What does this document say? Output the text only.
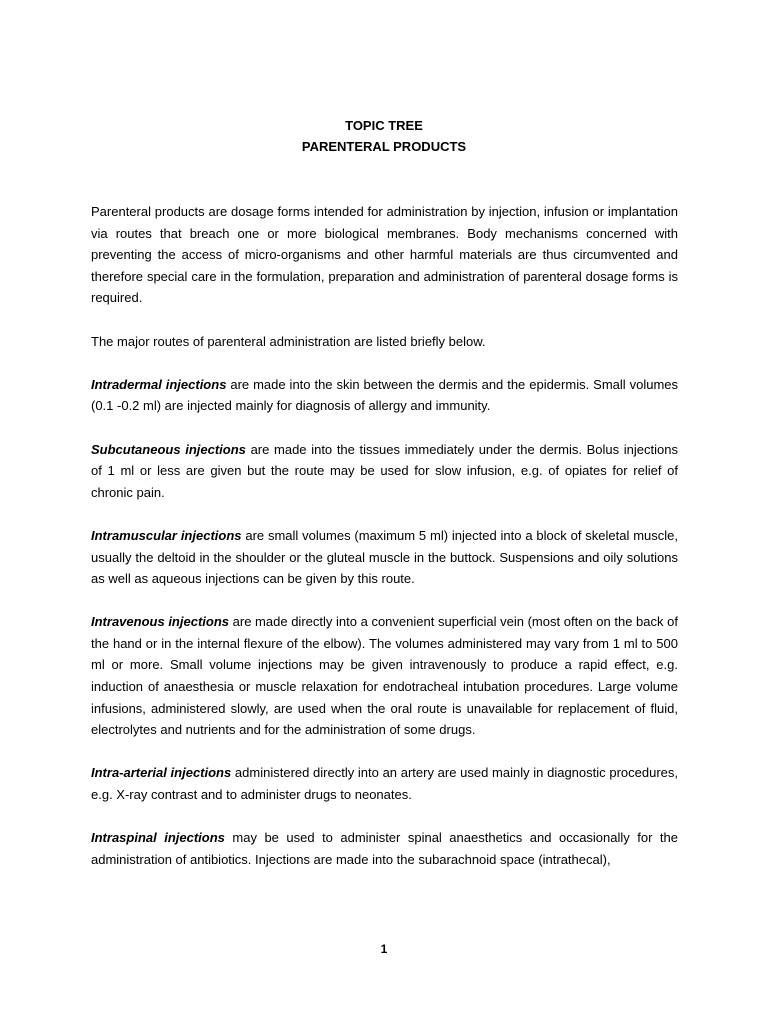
TOPIC TREE
PARENTERAL PRODUCTS

Parenteral products are dosage forms intended for administration by injection, infusion or implantation via routes that breach one or more biological membranes. Body mechanisms concerned with preventing the access of micro-organisms and other harmful materials are thus circumvented and therefore special care in the formulation, preparation and administration of parenteral dosage forms is required.

The major routes of parenteral administration are listed briefly below.

Intradermal injections are made into the skin between the dermis and the epidermis. Small volumes (0.1 -0.2 ml) are injected mainly for diagnosis of allergy and immunity.

Subcutaneous injections are made into the tissues immediately under the dermis. Bolus injections of 1 ml or less are given but the route may be used for slow infusion, e.g. of opiates for relief of chronic pain.

Intramuscular injections are small volumes (maximum 5 ml) injected into a block of skeletal muscle, usually the deltoid in the shoulder or the gluteal muscle in the buttock. Suspensions and oily solutions as well as aqueous injections can be given by this route.

Intravenous injections are made directly into a convenient superficial vein (most often on the back of the hand or in the internal flexure of the elbow). The volumes administered may vary from 1 ml to 500 ml or more. Small volume injections may be given intravenously to produce a rapid effect, e.g. induction of anaesthesia or muscle relaxation for endotracheal intubation procedures. Large volume infusions, administered slowly, are used when the oral route is unavailable for replacement of fluid, electrolytes and nutrients and for the administration of some drugs.

Intra-arterial injections administered directly into an artery are used mainly in diagnostic procedures, e.g. X-ray contrast and to administer drugs to neonates.

Intraspinal injections may be used to administer spinal anaesthetics and occasionally for the administration of antibiotics. Injections are made into the subarachnoid space (intrathecal),

1
